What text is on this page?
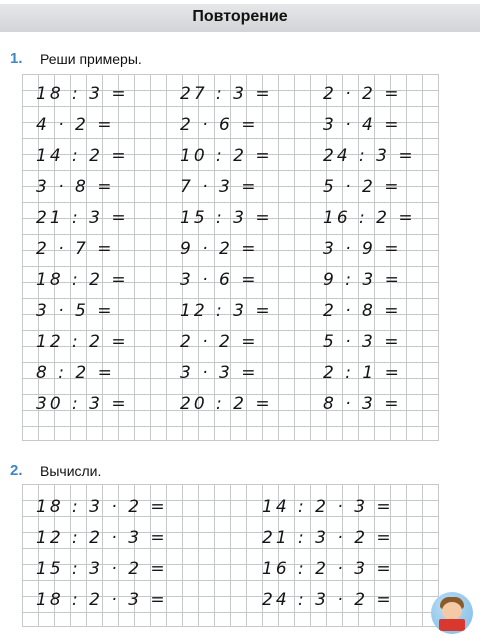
Повторение
1. Реши примеры.
2. Вычисли.
18 : 3 =
4 · 2 =
14 : 2 =
3 · 8 =
21 : 3 =
2 · 7 =
18 : 2 =
3 · 5 =
12 : 2 =
8 : 2 =
30 : 3 =
27 : 3 =
2 · 6 =
10 : 2 =
7 · 3 =
15 : 3 =
9 · 2 =
3 · 6 =
12 : 3 =
2 · 2 =
3 · 3 =
20 : 2 =
2 · 2 =
3 · 4 =
24 : 3 =
5 · 2 =
16 : 2 =
3 · 9 =
9 : 3 =
2 · 8 =
5 · 3 =
2 : 1 =
8 · 3 =
18 : 3 · 2 =
12 : 2 · 3 =
15 : 3 · 2 =
18 : 2 · 3 =
14 : 2 · 3 =
21 : 3 · 2 =
16 : 2 · 3 =
24 : 3 · 2 =
